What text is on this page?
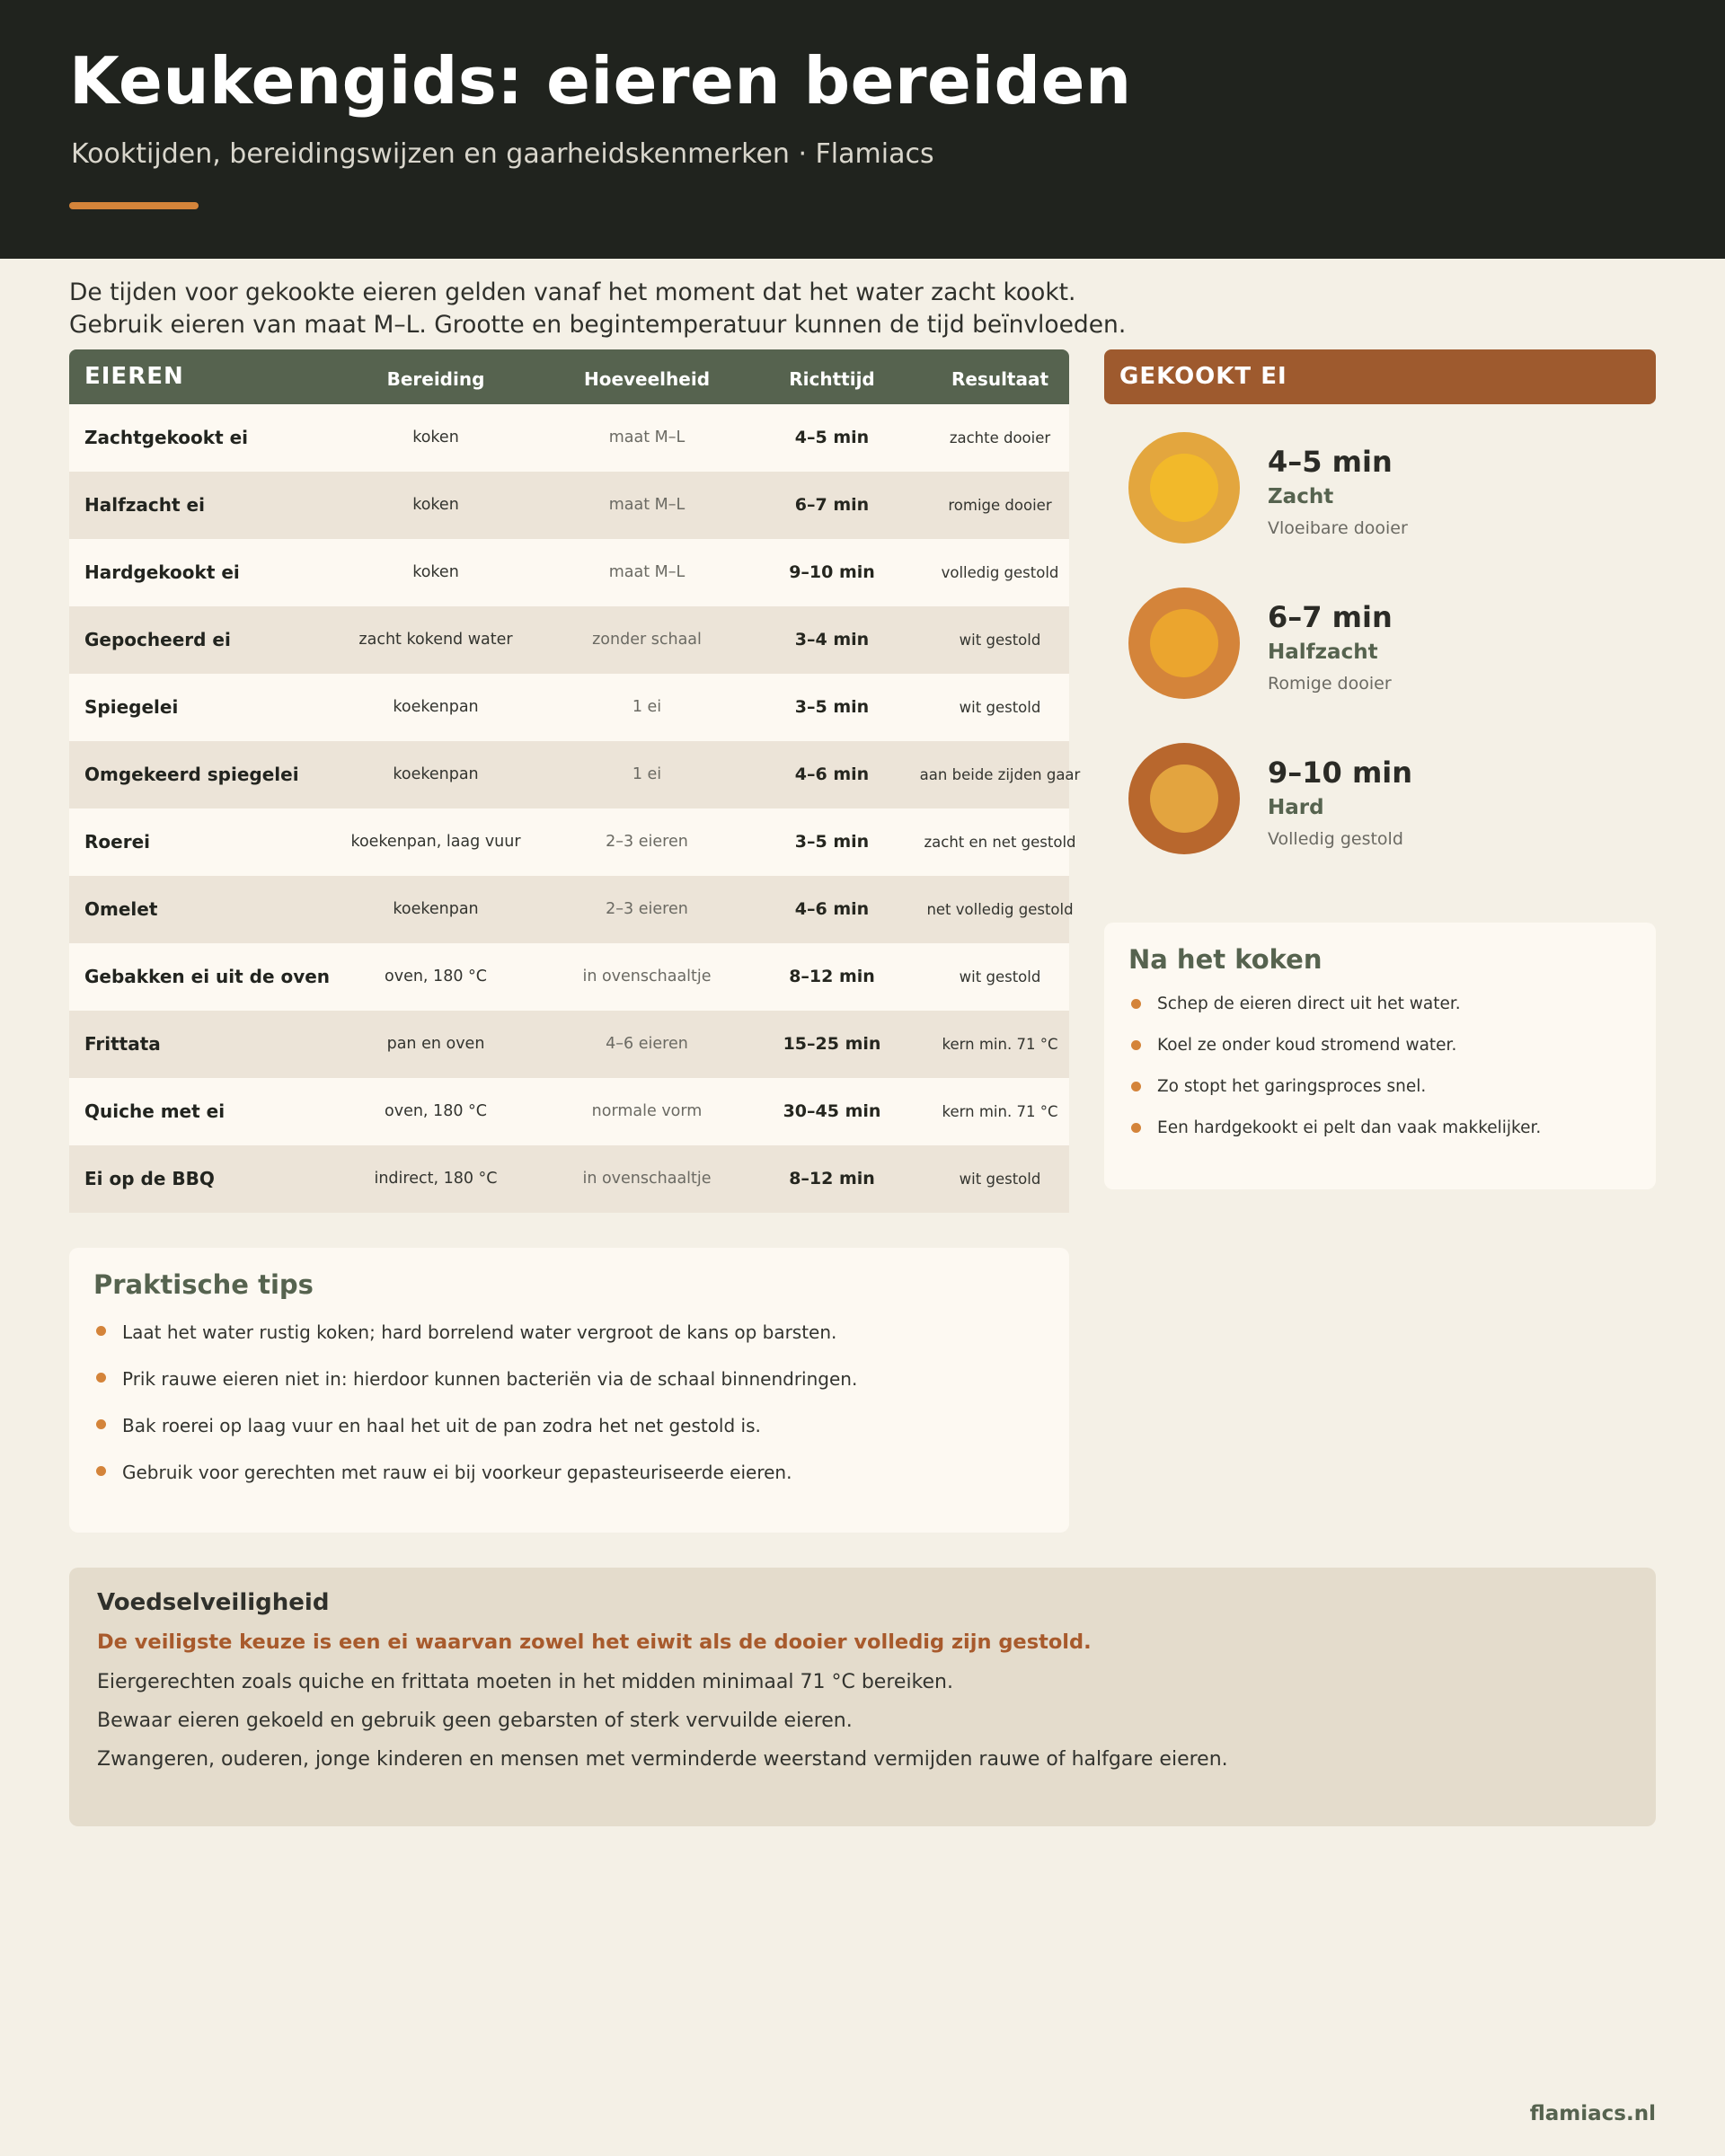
Keukengids: eieren bereiden
Kooktijden, bereidingswijzen en gaarheidskenmerken · Flamiacs
De tijden voor gekookte eieren gelden vanaf het moment dat het water zacht kookt.
Gebruik eieren van maat M–L. Grootte en begintemperatuur kunnen de tijd beïnvloeden.
EIEREN	Bereiding	Hoeveelheid	Richttijd	Resultaat
Zachtgekookt ei	koken	maat M–L	4–5 min	zachte dooier
Halfzacht ei	koken	maat M–L	6–7 min	romige dooier
Hardgekookt ei	koken	maat M–L	9–10 min	volledig gestold
Gepocheerd ei	zacht kokend water	zonder schaal	3–4 min	wit gestold
Spiegelei	koekenpan	1 ei	3–5 min	wit gestold
Omgekeerd spiegelei	koekenpan	1 ei	4–6 min	aan beide zijden gaar
Roerei	koekenpan, laag vuur	2–3 eieren	3–5 min	zacht en net gestold
Omelet	koekenpan	2–3 eieren	4–6 min	net volledig gestold
Gebakken ei uit de oven	oven, 180 °C	in ovenschaaltje	8–12 min	wit gestold
Frittata	pan en oven	4–6 eieren	15–25 min	kern min. 71 °C
Quiche met ei	oven, 180 °C	normale vorm	30–45 min	kern min. 71 °C
Ei op de BBQ	indirect, 180 °C	in ovenschaaltje	8–12 min	wit gestold
Praktische tips
Laat het water rustig koken; hard borrelend water vergroot de kans op barsten.
Prik rauwe eieren niet in: hierdoor kunnen bacteriën via de schaal binnendringen.
Bak roerei op laag vuur en haal het uit de pan zodra het net gestold is.
Gebruik voor gerechten met rauw ei bij voorkeur gepasteuriseerde eieren.
GEKOOKT EI
4–5 min
Zacht
Vloeibare dooier
6–7 min
Halfzacht
Romige dooier
9–10 min
Hard
Volledig gestold
Na het koken
Schep de eieren direct uit het water.
Koel ze onder koud stromend water.
Zo stopt het garingsproces snel.
Een hardgekookt ei pelt dan vaak makkelijker.
Voedselveiligheid
De veiligste keuze is een ei waarvan zowel het eiwit als de dooier volledig zijn gestold.
Eiergerechten zoals quiche en frittata moeten in het midden minimaal 71 °C bereiken.
Bewaar eieren gekoeld en gebruik geen gebarsten of sterk vervuilde eieren.
Zwangeren, ouderen, jonge kinderen en mensen met verminderde weerstand vermijden rauwe of halfgare eieren.
flamiacs.nl
